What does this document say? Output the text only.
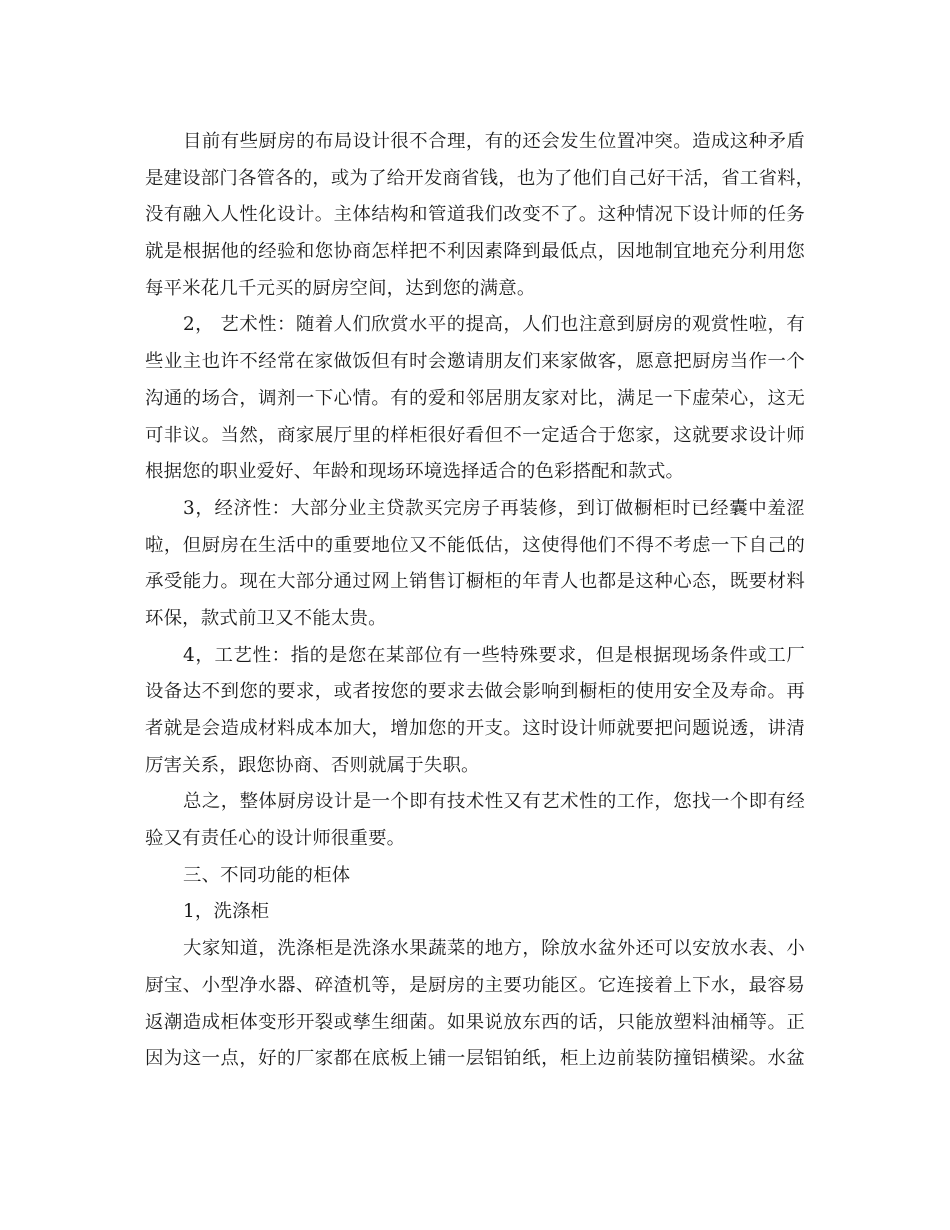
目前有些厨房的布局设计很不合理，有的还会发生位置冲突。造成这种矛盾
是建设部门各管各的，或为了给开发商省钱，也为了他们自己好干活，省工省料，
没有融入人性化设计。主体结构和管道我们改变不了。这种情况下设计师的任务
就是根据他的经验和您协商怎样把不利因素降到最低点，因地制宜地充分利用您
每平米花几千元买的厨房空间，达到您的满意。
2， 艺术性：随着人们欣赏水平的提高，人们也注意到厨房的观赏性啦，有
些业主也许不经常在家做饭但有时会邀请朋友们来家做客，愿意把厨房当作一个
沟通的场合，调剂一下心情。有的爱和邻居朋友家对比，满足一下虚荣心，这无
可非议。当然，商家展厅里的样柜很好看但不一定适合于您家，这就要求设计师
根据您的职业爱好、年龄和现场环境选择适合的色彩搭配和款式。
3，经济性：大部分业主贷款买完房子再装修，到订做橱柜时已经囊中羞涩
啦，但厨房在生活中的重要地位又不能低估，这使得他们不得不考虑一下自己的
承受能力。现在大部分通过网上销售订橱柜的年青人也都是这种心态，既要材料
环保，款式前卫又不能太贵。
4，工艺性：指的是您在某部位有一些特殊要求，但是根据现场条件或工厂
设备达不到您的要求，或者按您的要求去做会影响到橱柜的使用安全及寿命。再
者就是会造成材料成本加大，增加您的开支。这时设计师就要把问题说透，讲清
厉害关系，跟您协商、否则就属于失职。
总之，整体厨房设计是一个即有技术性又有艺术性的工作，您找一个即有经
验又有责任心的设计师很重要。
三、不同功能的柜体
1，洗涤柜
大家知道，洗涤柜是洗涤水果蔬菜的地方，除放水盆外还可以安放水表、小
厨宝、小型净水器、碎渣机等，是厨房的主要功能区。它连接着上下水，最容易
返潮造成柜体变形开裂或孳生细菌。如果说放东西的话，只能放塑料油桶等。正
因为这一点，好的厂家都在底板上铺一层铝铂纸，柜上边前装防撞铝横梁。水盆
